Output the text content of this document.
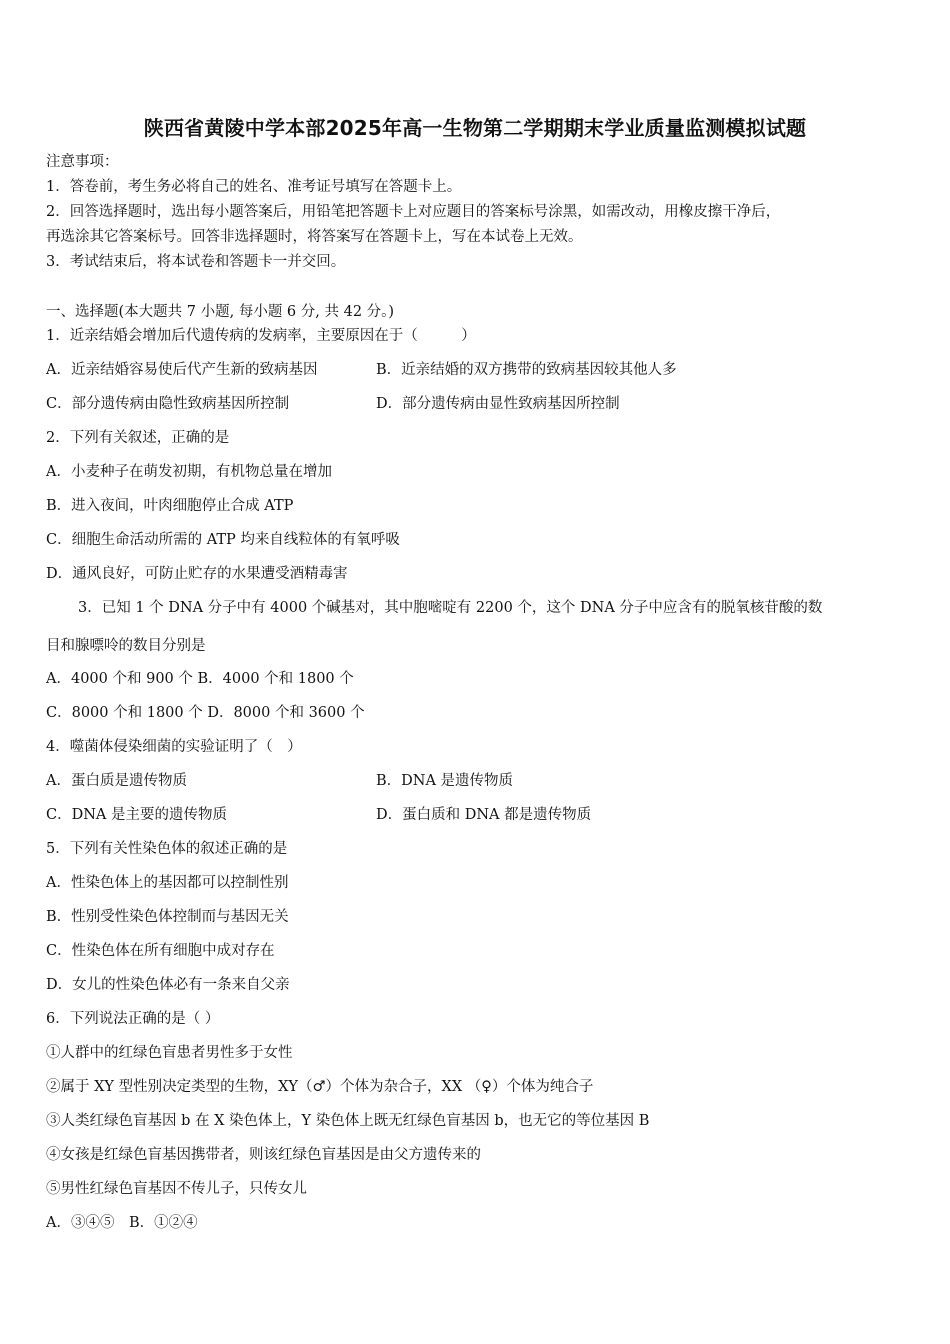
陕西省黄陵中学本部2025年高一生物第二学期期末学业质量监测模拟试题
注意事项：
1．答卷前，考生务必将自己的姓名、准考证号填写在答题卡上。
2．回答选择题时，选出每小题答案后，用铅笔把答题卡上对应题目的答案标号涂黑，如需改动，用橡皮擦干净后，
再选涂其它答案标号。回答非选择题时，将答案写在答题卡上，写在本试卷上无效。
3．考试结束后，将本试卷和答题卡一并交回。
一、选择题(本大题共 7 小题, 每小题 6 分, 共 42 分。)
1．近亲结婚会增加后代遗传病的发病率，主要原因在于（　　　）
A．近亲结婚容易使后代产生新的致病基因	B．近亲结婚的双方携带的致病基因较其他人多
C．部分遗传病由隐性致病基因所控制	D．部分遗传病由显性致病基因所控制
2．下列有关叙述，正确的是
A．小麦种子在萌发初期，有机物总量在增加
B．进入夜间，叶肉细胞停止合成 ATP
C．细胞生命活动所需的 ATP 均来自线粒体的有氧呼吸
D．通风良好，可防止贮存的水果遭受酒精毒害
3．已知 1 个 DNA 分子中有 4000 个碱基对，其中胞嘧啶有 2200 个，这个 DNA 分子中应含有的脱氧核苷酸的数
目和腺嘌呤的数目分别是
A．4000 个和 900 个 B．4000 个和 1800 个
C．8000 个和 1800 个 D．8000 个和 3600 个
4．噬菌体侵染细菌的实验证明了（　）
A．蛋白质是遗传物质	B．DNA 是遗传物质
C．DNA 是主要的遗传物质	D．蛋白质和 DNA 都是遗传物质
5．下列有关性染色体的叙述正确的是
A．性染色体上的基因都可以控制性别
B．性别受性染色体控制而与基因无关
C．性染色体在所有细胞中成对存在
D．女儿的性染色体必有一条来自父亲
6．下列说法正确的是（ ）
①人群中的红绿色盲患者男性多于女性
②属于 XY 型性别决定类型的生物，XY（♂）个体为杂合子，XX （♀）个体为纯合子
③人类红绿色盲基因 b 在 X 染色体上，Y 染色体上既无红绿色盲基因 b，也无它的等位基因 B
④女孩是红绿色盲基因携带者，则该红绿色盲基因是由父方遗传来的
⑤男性红绿色盲基因不传儿子，只传女儿
A．③④⑤　B．①②④
